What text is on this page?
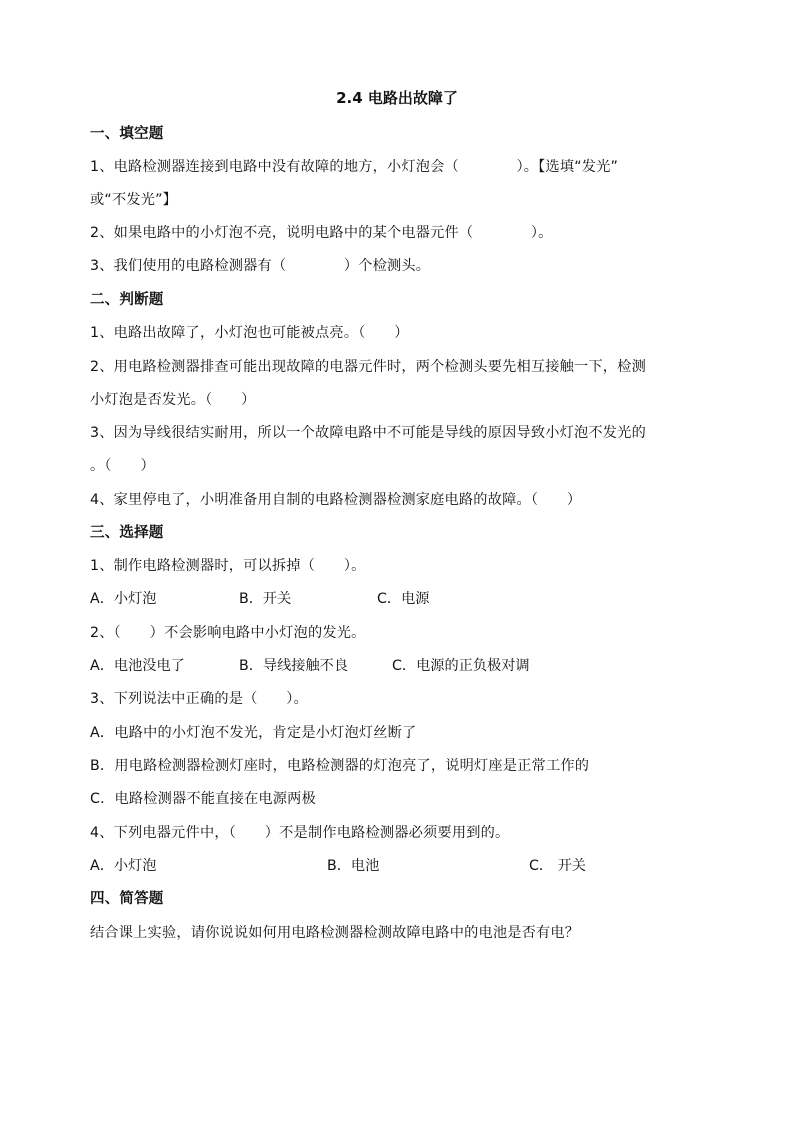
2.4 电路出故障了
一、填空题
1、电路检测器连接到电路中没有故障的地方，小灯泡会（　　　　）。【选填“发光”
或“不发光”】
2、如果电路中的小灯泡不亮，说明电路中的某个电器元件（　　　　）。
3、我们使用的电路检测器有（　　　　）个检测头。
二、判断题
1、电路出故障了，小灯泡也可能被点亮。（　　）
2、用电路检测器排查可能出现故障的电器元件时，两个检测头要先相互接触一下，检测
小灯泡是否发光。（　　）
3、因为导线很结实耐用，所以一个故障电路中不可能是导线的原因导致小灯泡不发光的
。（　　）
4、家里停电了，小明准备用自制的电路检测器检测家庭电路的故障。（　　）
三、选择题
1、制作电路检测器时，可以拆掉（　　）。
A．小灯泡	B．开关	C．电源
2、（　　）不会影响电路中小灯泡的发光。
A．电池没电了	B．导线接触不良	C．电源的正负极对调
3、下列说法中正确的是（　　）。
A．电路中的小灯泡不发光，肯定是小灯泡灯丝断了
B．用电路检测器检测灯座时，电路检测器的灯泡亮了，说明灯座是正常工作的
C．电路检测器不能直接在电源两极
4、下列电器元件中，（　　）不是制作电路检测器必须要用到的。
A．小灯泡	B．电池	C． 开关
四、简答题
结合课上实验，请你说说如何用电路检测器检测故障电路中的电池是否有电？
